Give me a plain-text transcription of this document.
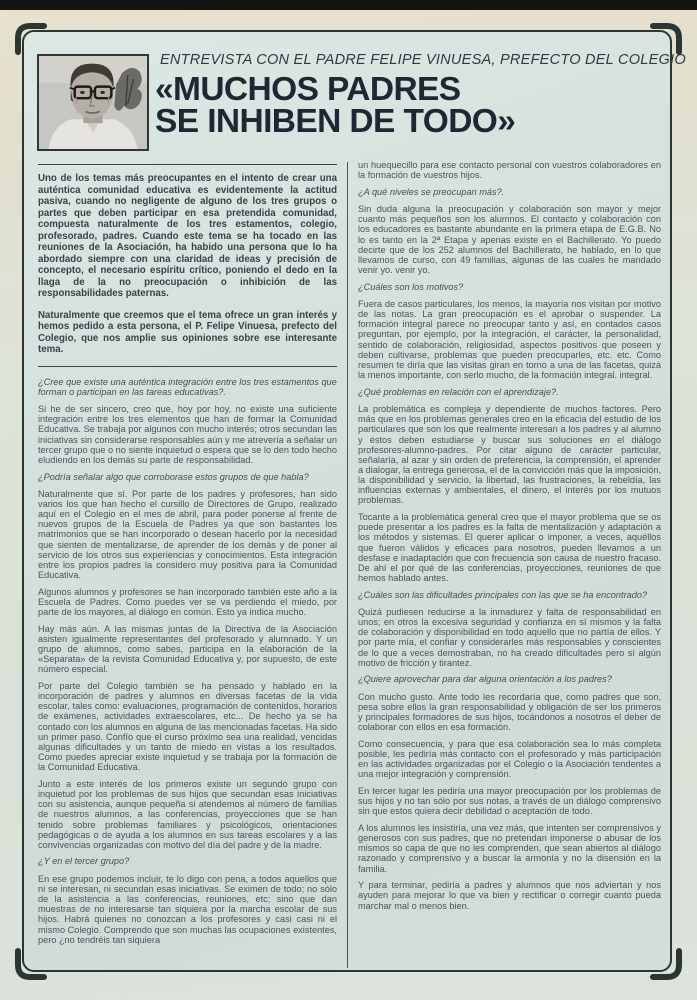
ENTREVISTA CON EL PADRE FELIPE VINUESA, PREFECTO DEL COLEGIO
«MUCHOS PADRES
SE INHIBEN DE TODO»

Uno de los temas más preocupantes en el intento de crear una auténtica comunidad educativa es evidentemente la actitud pasiva, cuando no negligente de alguno de los tres grupos o partes que deben participar en esa pretendida comunidad, compuesta naturalmente de los tres estamentos, colegio, profesorado, padres. Cuando este tema se ha tocado en las reuniones de la Asociación, ha habido una persona que lo ha abordado siempre con una claridad de ideas y precisión de concepto, el necesario espíritu crítico, poniendo el dedo en la llaga de la no preocupación o inhibición de las responsabilidades paternas.

Naturalmente que creemos que el tema ofrece un gran interés y hemos pedido a esta persona, el P. Felipe Vinuesa, prefecto del Colegio, que nos amplie sus opiniones sobre ese interesante tema.

¿Cree que existe una auténtica integración entre los tres estamentos que forman o participan en las tareas educativas?.

Si he de ser sincero, creo que, hoy por hoy, no existe una suficiente integración entre los tres elementos que han de formar la Comunidad Educativa. Se trabaja por algunos con mucho interés; otros secundan las iniciativas sin considerarse responsables aún y me atrevería a señalar un tercer grupo que o no siente inquietud o espera que se lo den todo hecho eludiendo en los demás su parte de responsabilidad.

¿Podría señalar algo que corroborase estos grupos de que habla?

Naturalmente que sí. Por parte de los padres y profesores, han sido varios los que han hecho el cursillo de Directores de Grupo, realizado aquí en el Colegio en el mes de abril, para poder ponerse al frente de nuevos grupos de la Escuela de Padres ya que son bastantes los matrimonios que se han incorporado o desean hacerlo por la necesidad que sienten de mentalizarse, de aprender de los demás y de poner al servicio de los otros sus experiencias y conocimientos. Esta integración entre los propios padres la considero muy positiva para la Comunidad Educativa.

Algunos alumnos y profesores se han incorporado también este año a la Escuela de Padres. Como puedes ver se va perdiendo el miedo, por parte de los mayores, al diálogo en común. Esto ya indica mucho.

Hay más aún. A las mismas juntas de la Directiva de la Asociación asisten igualmente representantes del profesorado y alumnado. Y un grupo de alumnos, como sabes, participa en la elaboración de la «Separata» de la revista Comunidad Educativa y, por supuesto, de este número especial.

Por parte del Colegio también se ha pensado y hablado en la incorporación de padres y alumnos en diversas facetas de la vida escolar, tales como: evaluaciones, programación de contenidos, horarios de exámenes, actividades extraescolares, etc... De hecho ya se ha contado con los alumnos en alguna de las mencionadas facetas. Ha sido un primer paso. Confío que el curso próximo sea una realidad, vencidas algunas dificultades y un tanto de miedo en vistas a los resultados. Como puedes apreciar existe inquietud y se trabaja por la formación de la Comunidad Educativa.

Junto a este interés de los primeros existe un segundo grupo con inquietud por los problemas de sus hijos que secundan esas iniciativas con su asistencia, aunque pequeña si atendemos al número de familias de nuestros alumnos, a las conferencias, proyecciones que se han tenido sobre problemas familiares y psicológicos, orientaciones pedagógicas o de ayuda a los alumnos en sus tareas escolares y a las convivencias organizadas con motivo del día del padre y de la madre.

¿Y en el tercer grupo?

En ese grupo podemos incluir, te lo digo con pena, a todos aquellos que ni se interesan, ni secundan esas iniciativas. Se eximen de todo; no sólo de la asistencia a las conferencias, reuniones, etc; sino que dan muestras de no interesarse tan siquiera por la marcha escolar de sus hijos. Habrá quienes no conozcan a los profesores y casi casi ni el mismo Colegio. Comprendo que son muchas las ocupaciones existentes, pero ¿no tendréis tan siquiera

un huequecillo para ese contacto personal con vuestros colaboradores en la formación de vuestros hijos.

¿A qué niveles se preocupan más?.

Sin duda alguna la preocupación y colaboración son mayor y mejor cuanto más pequeños son los alumnos. El contacto y colaboración con los educadores es bastante abundante en la primera etapa de E.G.B. No lo es tanto en la 2ª Etapa y apenas existe en el Bachillerato. Yo puedo decirte que de los 252 alumnos del Bachillerato, he hablado, en lo que llevamos de curso, con 49 familias, algunas de las cuales he mandado venir yo. venir yo.

¿Cuáles son los motivos?

Fuera de casos particulares, los menos, la mayoría nos visitan por motivo de las notas. La gran preocupación es el aprobar o suspender. La formación integral parece no preocupar tanto y así, en contados casos preguntan, por ejemplo, por la integración, el carácter, la personalidad, sentido de colaboración, religiosidad, aspectos positivos que poseen y deben cultivarse, problemas que pueden preocuparles, etc. etc. Como resumen te diría que las visitas giran en torno a una de las facetas, quizá la menos importante, con serlo mucho, de la formación integral. integral.

¿Qué problemas en relación con el aprendizaje?.

La problemática es compleja y dependiente de muchos factores. Pero más que en los problemas generales creo en la eficacia del estudio de los particulares que son los que realmente interesan a los padres y al alumno y éstos deben estudiarse y buscar sus soluciones en el diálogo profesores-alumno-padres. Por citar alguno de carácter particular, señalaría, al azar y sin orden de preferencia, la comprensión, el aprender a dialogar, la entrega generosa, el de la convicción más que la imposición, la disponibilidad y servicio, la libertad, las frustraciones, la rebeldía, las influencias externas y ambientales, el dinero, el interés por los mutuos problemas.

Tocante a la problemática general creo que el mayor problema que se os puede presentar a los padres es la falta de mentalización y adaptación a los métodos y sistemas. El querer aplicar o imponer, a veces, aquéllos que fueron válidos y eficaces para nosotros, pueden llevarnos a un desfase e inadaptación que con frecuencia son causa de nuestro fracaso. De ahí el por qué de las conferencias, proyecciones, reuniones de que hemos hablado antes.

¿Cuáles son las dificultades principales con las que se ha encontrado?

Quizá pudiesen reducirse a la inmadurez y falta de responsabilidad en unos; en otros la excesiva seguridad y confianza en sí mismos y la falta de colaboración y disponibilidad en todo aquello que no partía de ellos. Y por parte mía, el confiar y considerarles más responsables y conscientes de lo que a veces demostraban, no ha creado dificultades pero sí algún motivo de fricción y tirantez.

¿Quiere aprovechar para dar alguna orientación a los padres?

Con mucho gusto. Ante todo les recordaría que, como padres que son, pesa sobre ellos la gran responsabilidad y obligación de ser los primeros y principales formadores de sus hijos, tocándonos a nosotros el deber de colaborar con ellos en esa formación.

Como consecuencia, y para que esa colaboración sea lo más completa posible, les pediría más contacto con el profesorado y más participación en las actividades organizadas por el Colegio o la Asociación tendentes a una mejor integración y comprensión.

En tercer lugar les pediría una mayor preocupación por los problemas de sus hijos y no tan sólo por sus notas, a través de un diálogo comprensivo sin que estos quiera decir debilidad o aceptación de todo.

A los alumnos les insistiría, una vez más, que intenten ser comprensivos y generosos con sus padres, que no pretendan imponerse o abusar de los mismos so capa de que no les comprenden, que sean abiertos al diálogo razonado y comprensivo y a buscar la armonía y no la disensión en la familia.

Y para terminar, pediría a padres y alumnos que nos adviertan y nos ayuden para mejorar lo que va bien y rectificar o corregir cuanto pueda marchar mal o menos bien.
